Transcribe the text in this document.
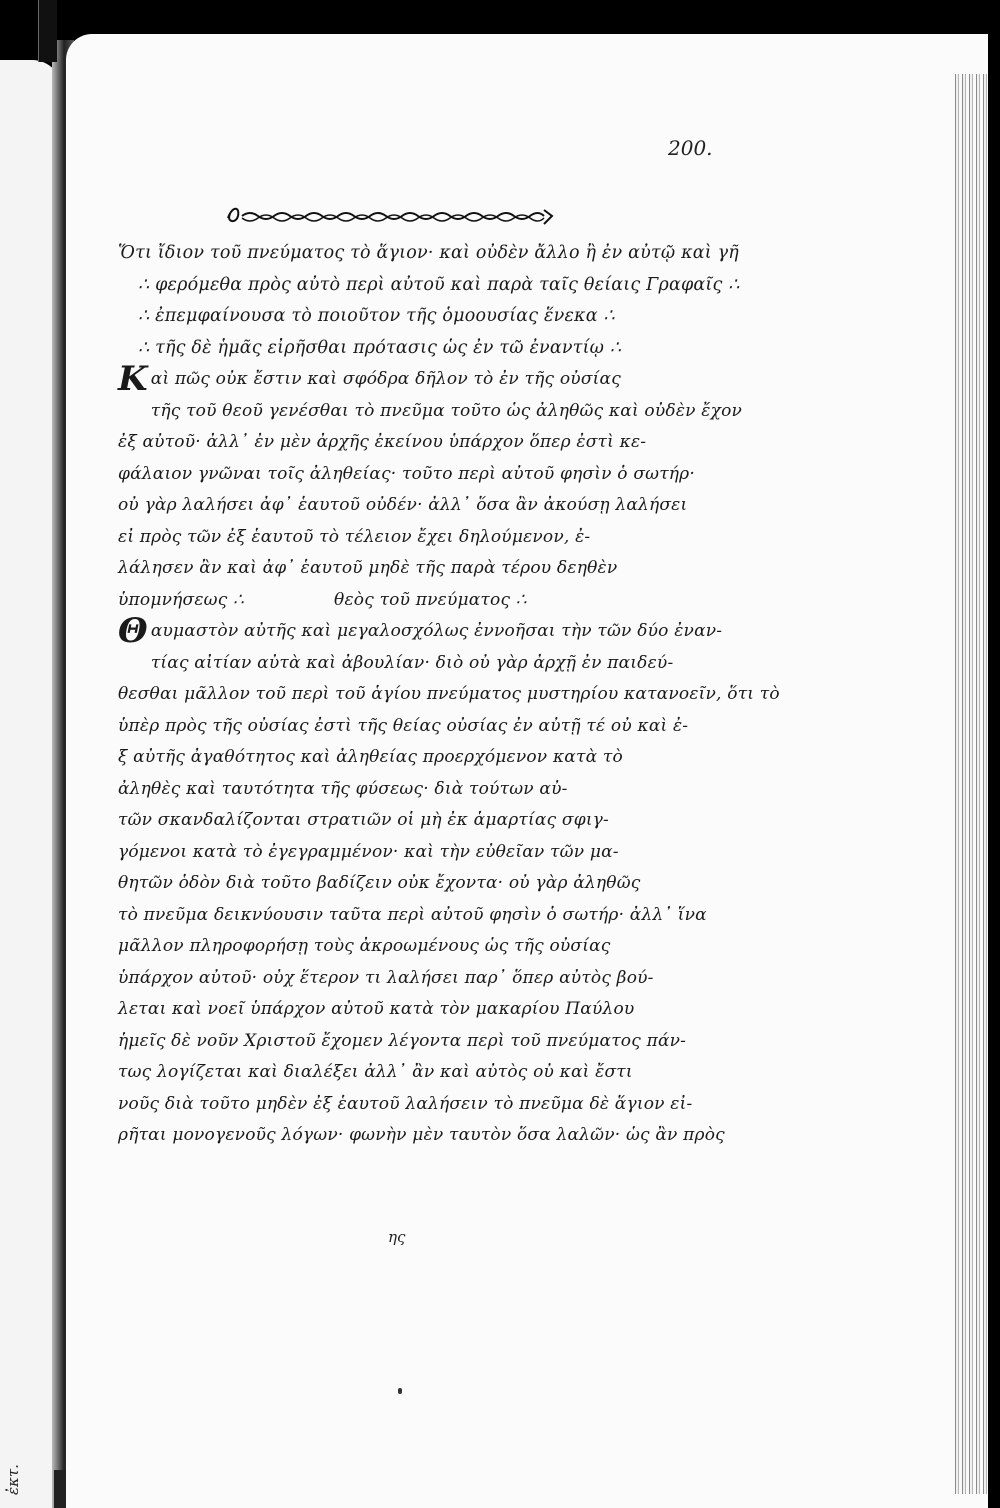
ἐκτ.
200.
Ὅτι ἴδιον τοῦ πνεύματος τὸ ἅγιον· καὶ οὐδὲν ἄλλο ἢ ἐν αὐτῷ καὶ γῆ
∴ φερόμεθα πρὸς αὐτὸ περὶ αὐτοῦ καὶ παρὰ ταῖς θείαις Γραφαῖς ∴
∴ ἐπεμφαίνουσα τὸ ποιοῦτον τῆς ὁμοουσίας ἕνεκα ∴
∴ τῆς δὲ ἡμᾶς εἰρῆσθαι πρότασις ὡς ἐν τῶ ἐναντίῳ ∴
Καὶ πῶς οὐκ ἔστιν καὶ σφόδρα δῆλον τὸ ἐν τῆς οὐσίας
τῆς τοῦ θεοῦ γενέσθαι τὸ πνεῦμα τοῦτο ὡς ἀληθῶς καὶ οὐδὲν ἔχον
ἐξ αὐτοῦ· ἀλλ᾽ ἐν μὲν ἀρχῆς ἐκείνου ὑπάρχον ὅπερ ἐστὶ κε-
φάλαιον γνῶναι τοῖς ἀληθείας· τοῦτο περὶ αὐτοῦ φησὶν ὁ σωτήρ·
οὐ γὰρ λαλήσει ἀφ᾽ ἑαυτοῦ οὐδέν· ἀλλ᾽ ὅσα ἂν ἀκούσῃ λαλήσει
εἰ πρὸς τῶν ἐξ ἑαυτοῦ τὸ τέλειον ἔχει δηλούμενον, ἐ-
λάλησεν ἂν καὶ ἀφ᾽ ἑαυτοῦ μηδὲ τῆς παρὰ τέρου δεηθὲν
ὑπομνήσεως ∴	θεὸς τοῦ πνεύματος ∴
Θαυμαστὸν αὐτῆς καὶ μεγαλοσχόλως ἐννοῆσαι τὴν τῶν δύο ἐναν-
τίας αἰτίαν αὐτὰ καὶ ἀβουλίαν· διὸ οὐ γὰρ ἀρχῇ ἐν παιδεύ-
θεσθαι μᾶλλον τοῦ περὶ τοῦ ἁγίου πνεύματος μυστηρίου κατανοεῖν, ὅτι τὸ
ὑπὲρ πρὸς τῆς οὐσίας ἐστὶ τῆς θείας οὐσίας ἐν αὐτῇ τέ οὐ καὶ ἐ-
ξ αὐτῆς ἀγαθότητος καὶ ἀληθείας προερχόμενον κατὰ τὸ
ἀληθὲς καὶ ταυτότητα τῆς φύσεως· διὰ τούτων αὐ-
τῶν σκανδαλίζονται στρατιῶν οἱ μὴ ἐκ ἁμαρτίας σφιγ-
γόμενοι κατὰ τὸ ἐγεγραμμένον· καὶ τὴν εὐθεῖαν τῶν μα-
θητῶν ὁδὸν διὰ τοῦτο βαδίζειν οὐκ ἔχοντα· οὐ γὰρ ἀληθῶς
τὸ πνεῦμα δεικνύουσιν ταῦτα περὶ αὐτοῦ φησὶν ὁ σωτήρ· ἀλλ᾽ ἵνα
μᾶλλον πληροφορήσῃ τοὺς ἀκροωμένους ὡς τῆς οὐσίας
ὑπάρχον αὐτοῦ· οὐχ ἕτερον τι λαλήσει παρ᾽ ὅπερ αὐτὸς βού-
λεται καὶ νοεῖ ὑπάρχον αὐτοῦ κατὰ τὸν μακαρίου Παύλου
ἡμεῖς δὲ νοῦν Χριστοῦ ἔχομεν λέγοντα περὶ τοῦ πνεύματος πάν-
τως λογίζεται καὶ διαλέξει ἀλλ᾽ ἂν καὶ αὐτὸς οὐ καὶ ἔστι
νοῦς διὰ τοῦτο μηδὲν ἐξ ἑαυτοῦ λαλήσειν τὸ πνεῦμα δὲ ἅγιον εἰ-
ρῆται μονογενοῦς λόγων· φωνὴν μὲν ταυτὸν ὅσα λαλῶν· ὡς ἂν πρὸς
ης
